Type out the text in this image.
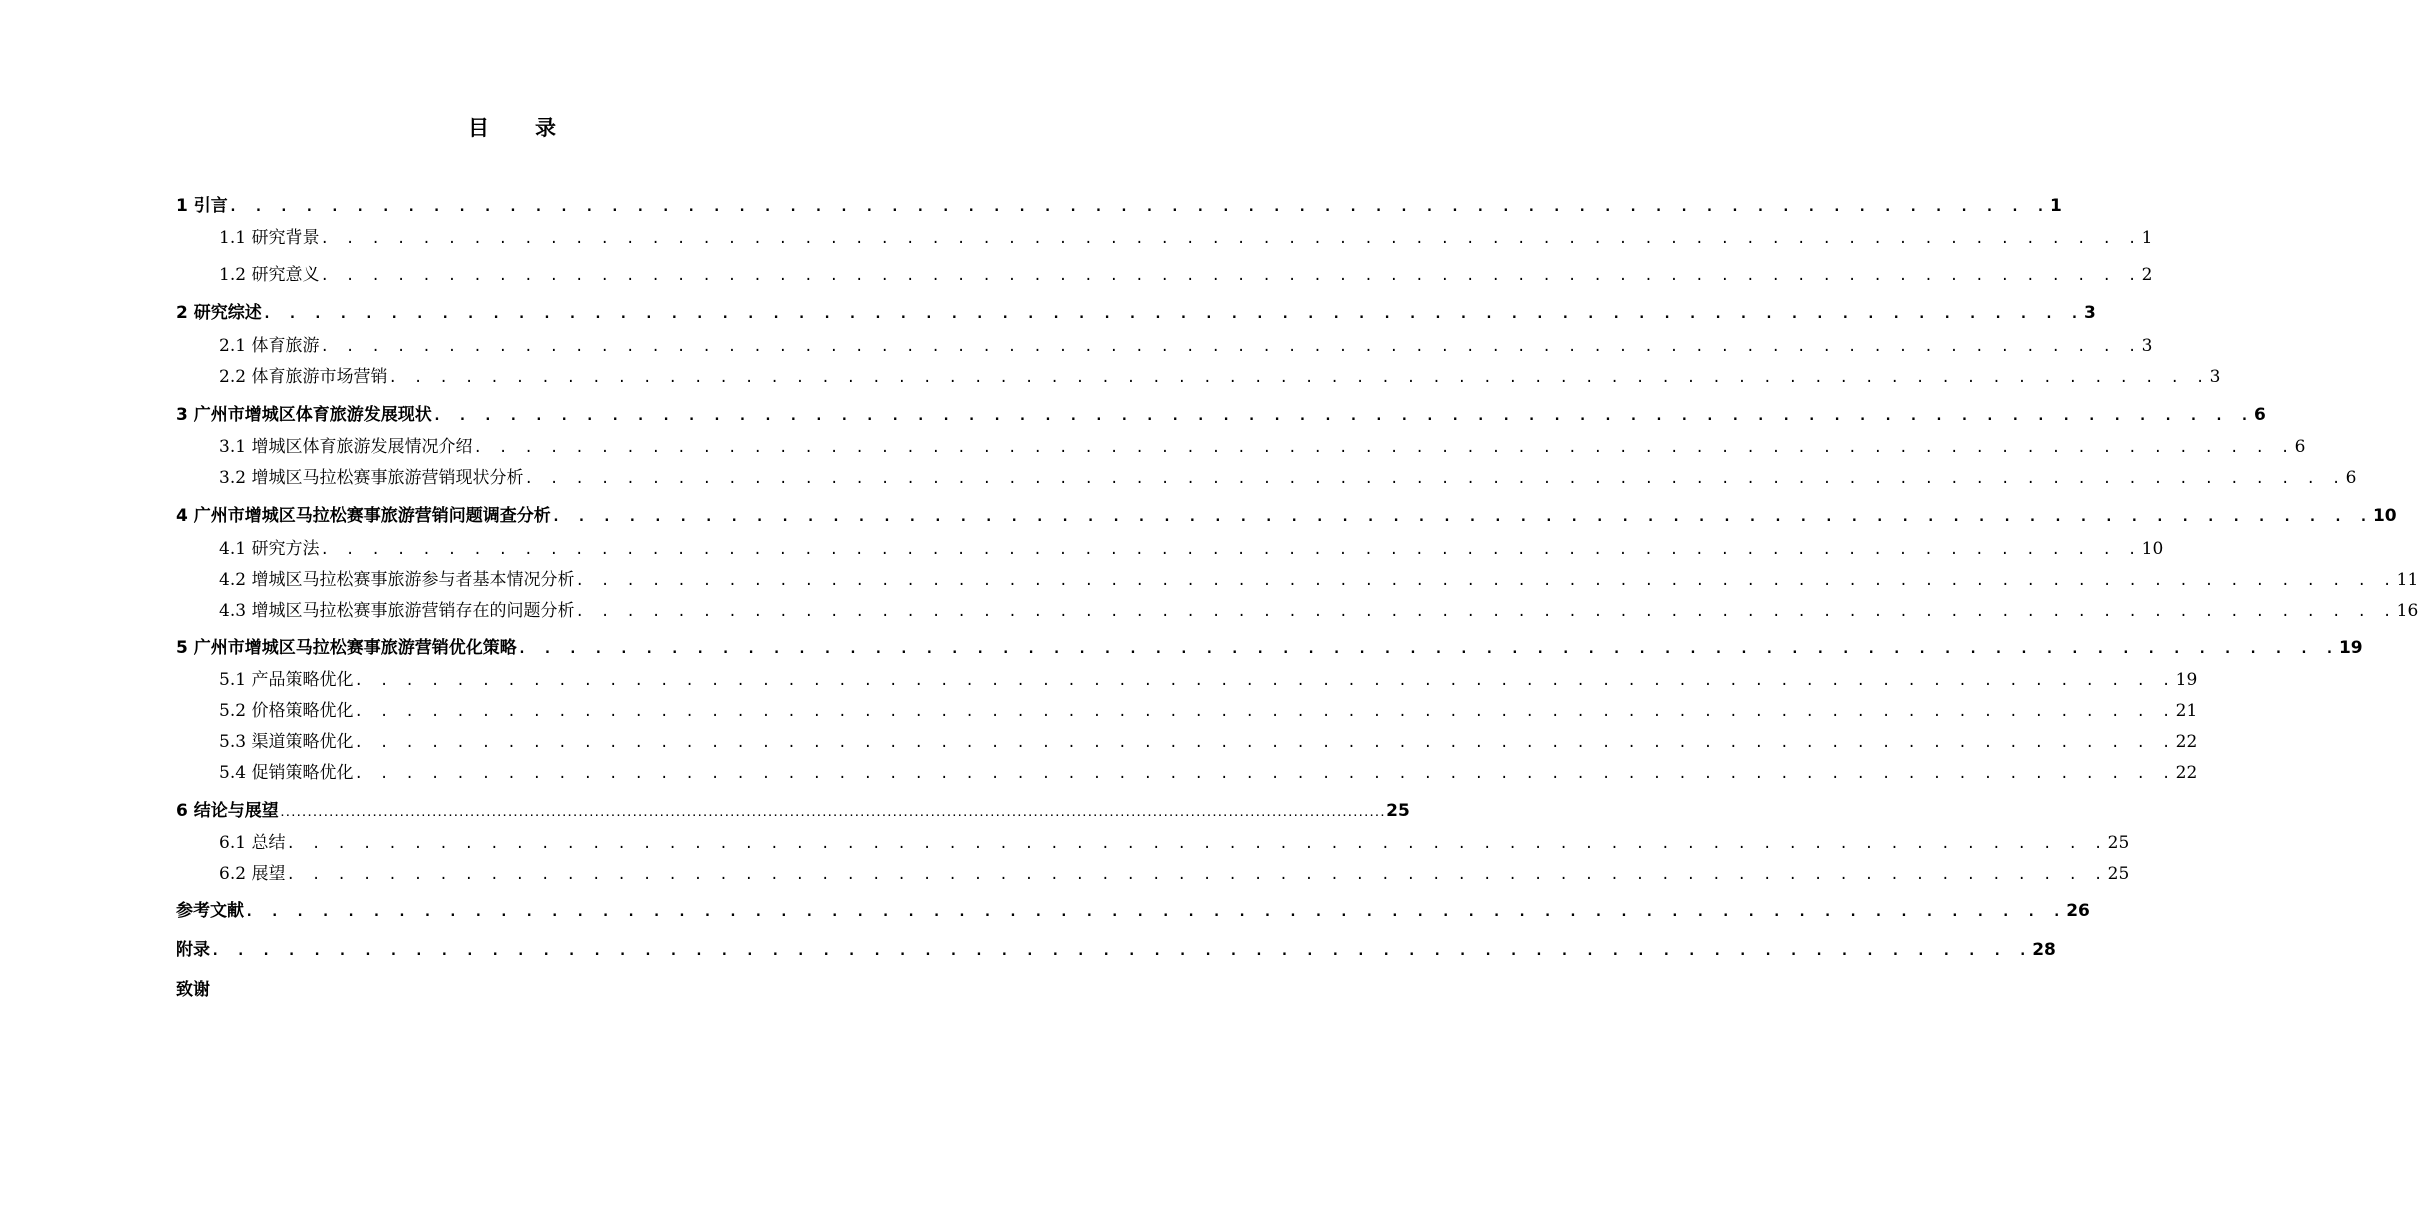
目 录
1 引言 . . . . . . . . . . . . . . . . . . . . . . . . . . . . . . . . . . . . . . . . . . . . . . . . . . . . . . . . . . . . . . . . . . . . . . . . 1
1.1 研究背景 . . . . . . . . . . . . . . . . . . . . . . . . . . . . . . . . . . . . . . . . . . . . . . . . . . . . . . . . . . . . . . . . . . . . . . . . 1
1.2 研究意义 . . . . . . . . . . . . . . . . . . . . . . . . . . . . . . . . . . . . . . . . . . . . . . . . . . . . . . . . . . . . . . . . . . . . . . . . 2
2 研究综述 . . . . . . . . . . . . . . . . . . . . . . . . . . . . . . . . . . . . . . . . . . . . . . . . . . . . . . . . . . . . . . . . . . . . . . . . 3
2.1 体育旅游 . . . . . . . . . . . . . . . . . . . . . . . . . . . . . . . . . . . . . . . . . . . . . . . . . . . . . . . . . . . . . . . . . . . . . . . . 3
2.2 体育旅游市场营销 . . . . . . . . . . . . . . . . . . . . . . . . . . . . . . . . . . . . . . . . . . . . . . . . . . . . . . . . . . . . . . . . . . . . . . . . 3
3 广州市增城区体育旅游发展现状 . . . . . . . . . . . . . . . . . . . . . . . . . . . . . . . . . . . . . . . . . . . . . . . . . . . . . . . . . . . . . . . . . . . . . . . . 6
3.1 增城区体育旅游发展情况介绍 . . . . . . . . . . . . . . . . . . . . . . . . . . . . . . . . . . . . . . . . . . . . . . . . . . . . . . . . . . . . . . . . . . . . . . . . 6
3.2 增城区马拉松赛事旅游营销现状分析 . . . . . . . . . . . . . . . . . . . . . . . . . . . . . . . . . . . . . . . . . . . . . . . . . . . . . . . . . . . . . . . . . . . . . . . . 6
4 广州市增城区马拉松赛事旅游营销问题调查分析 . . . . . . . . . . . . . . . . . . . . . . . . . . . . . . . . . . . . . . . . . . . . . . . . . . . . . . . . . . . . . . . . . . . . . . . . 10
4.1 研究方法 . . . . . . . . . . . . . . . . . . . . . . . . . . . . . . . . . . . . . . . . . . . . . . . . . . . . . . . . . . . . . . . . . . . . . . . . 10
4.2 增城区马拉松赛事旅游参与者基本情况分析 . . . . . . . . . . . . . . . . . . . . . . . . . . . . . . . . . . . . . . . . . . . . . . . . . . . . . . . . . . . . . . . . . . . . . . . . 11
4.3 增城区马拉松赛事旅游营销存在的问题分析 . . . . . . . . . . . . . . . . . . . . . . . . . . . . . . . . . . . . . . . . . . . . . . . . . . . . . . . . . . . . . . . . . . . . . . . . 16
5 广州市增城区马拉松赛事旅游营销优化策略 . . . . . . . . . . . . . . . . . . . . . . . . . . . . . . . . . . . . . . . . . . . . . . . . . . . . . . . . . . . . . . . . . . . . . . . . 19
5.1 产品策略优化 . . . . . . . . . . . . . . . . . . . . . . . . . . . . . . . . . . . . . . . . . . . . . . . . . . . . . . . . . . . . . . . . . . . . . . . . 19
5.2 价格策略优化 . . . . . . . . . . . . . . . . . . . . . . . . . . . . . . . . . . . . . . . . . . . . . . . . . . . . . . . . . . . . . . . . . . . . . . . . 21
5.3 渠道策略优化 . . . . . . . . . . . . . . . . . . . . . . . . . . . . . . . . . . . . . . . . . . . . . . . . . . . . . . . . . . . . . . . . . . . . . . . . 22
5.4 促销策略优化 . . . . . . . . . . . . . . . . . . . . . . . . . . . . . . . . . . . . . . . . . . . . . . . . . . . . . . . . . . . . . . . . . . . . . . . . 22
6 结论与展望 ............................................................................................................................................................................................................ 25
6.1 总结 . . . . . . . . . . . . . . . . . . . . . . . . . . . . . . . . . . . . . . . . . . . . . . . . . . . . . . . . . . . . . . . . . . . . . . . . 25
6.2 展望 . . . . . . . . . . . . . . . . . . . . . . . . . . . . . . . . . . . . . . . . . . . . . . . . . . . . . . . . . . . . . . . . . . . . . . . . 25
参考文献 . . . . . . . . . . . . . . . . . . . . . . . . . . . . . . . . . . . . . . . . . . . . . . . . . . . . . . . . . . . . . . . . . . . . . . . . 26
附录 . . . . . . . . . . . . . . . . . . . . . . . . . . . . . . . . . . . . . . . . . . . . . . . . . . . . . . . . . . . . . . . . . . . . . . . . 28
致谢
